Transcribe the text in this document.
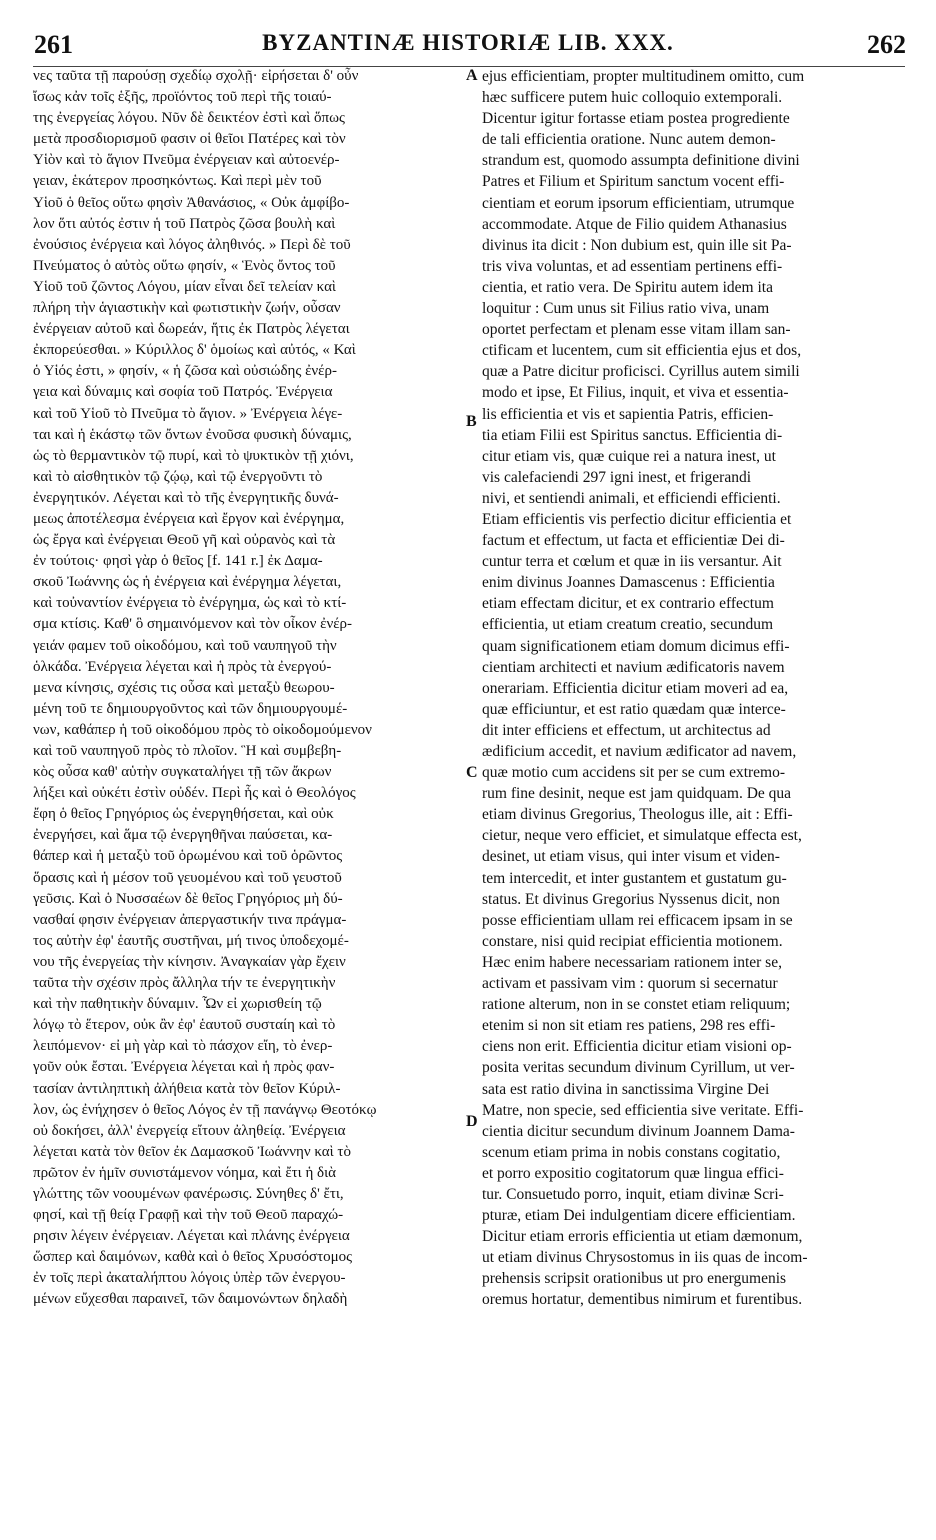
261	BYZANTINÆ HISTORIÆ LIB. XXX.	262
νες ταῦτα τῇ παρούσῃ σχεδίῳ σχολῇ· εἰρήσεται δ' οὖν
ἴσως κἀν τοῖς ἑξῆς, προϊόντος τοῦ περὶ τῆς τοιαύ-
της ἐνεργείας λόγου. Νῦν δὲ δεικτέον ἐστὶ καὶ ὅπως
μετὰ προσδιορισμοῦ φασιν οἱ θεῖοι Πατέρες καὶ τὸν
Υἱὸν καὶ τὸ ἅγιον Πνεῦμα ἐνέργειαν καὶ αὐτοενέρ-
γειαν, ἑκάτερον προσηκόντως. Καὶ περὶ μὲν τοῦ
Υἱοῦ ὁ θεῖος οὕτω φησὶν Ἀθανάσιος, « Οὐκ ἀμφίβο-
λον ὅτι αὐτός ἐστιν ἡ τοῦ Πατρὸς ζῶσα βουλὴ καὶ
ἐνούσιος ἐνέργεια καὶ λόγος ἀληθινός. » Περὶ δὲ τοῦ
Πνεύματος ὁ αὐτὸς οὕτω φησίν, « Ἑνὸς ὄντος τοῦ
Υἱοῦ τοῦ ζῶντος Λόγου, μίαν εἶναι δεῖ τελείαν καὶ
πλήρη τὴν ἁγιαστικὴν καὶ φωτιστικὴν ζωήν, οὖσαν
ἐνέργειαν αὐτοῦ καὶ δωρεάν, ἥτις ἐκ Πατρὸς λέγεται
ἐκπορεύεσθαι. » Κύριλλος δ' ὁμοίως καὶ αὐτός, « Καὶ
ὁ Υἱός ἐστι, » φησίν, « ἡ ζῶσα καὶ οὐσιώδης ἐνέρ-
γεια καὶ δύναμις καὶ σοφία τοῦ Πατρός. Ἐνέργεια
καὶ τοῦ Υἱοῦ τὸ Πνεῦμα τὸ ἅγιον. » Ἐνέργεια λέγε-
ται καὶ ἡ ἑκάστῳ τῶν ὄντων ἐνοῦσα φυσικὴ δύναμις,
ὡς τὸ θερμαντικὸν τῷ πυρί, καὶ τὸ ψυκτικὸν τῇ χιόνι,
καὶ τὸ αἰσθητικὸν τῷ ζῴῳ, καὶ τῷ ἐνεργοῦντι τὸ
ἐνεργητικόν. Λέγεται καὶ τὸ τῆς ἐνεργητικῆς δυνά-
μεως ἀποτέλεσμα ἐνέργεια καὶ ἔργον καὶ ἐνέργημα,
ὡς ἔργα καὶ ἐνέργειαι Θεοῦ γῆ καὶ οὐρανὸς καὶ τὰ
ἐν τούτοις· φησὶ γὰρ ὁ θεῖος [f. 141 r.] ἐκ Δαμα-
σκοῦ Ἰωάννης ὡς ἡ ἐνέργεια καὶ ἐνέργημα λέγεται,
καὶ τοὐναντίον ἐνέργεια τὸ ἐνέργημα, ὡς καὶ τὸ κτί-
σμα κτίσις. Καθ' ὃ σημαινόμενον καὶ τὸν οἶκον ἐνέρ-
γειάν φαμεν τοῦ οἰκοδόμου, καὶ τοῦ ναυπηγοῦ τὴν
ὁλκάδα. Ἐνέργεια λέγεται καὶ ἡ πρὸς τὰ ἐνεργού-
μενα κίνησις, σχέσις τις οὖσα καὶ μεταξὺ θεωρου-
μένη τοῦ τε δημιουργοῦντος καὶ τῶν δημιουργουμέ-
νων, καθάπερ ἡ τοῦ οἰκοδόμου πρὸς τὸ οἰκοδομούμενον
καὶ τοῦ ναυπηγοῦ πρὸς τὸ πλοῖον. Ἣ καὶ συμβεβη-
κὸς οὖσα καθ' αὑτὴν συγκαταλήγει τῇ τῶν ἄκρων
λήξει καὶ οὐκέτι ἐστὶν οὐδέν. Περὶ ἧς καὶ ὁ Θεολόγος
ἔφη ὁ θεῖος Γρηγόριος ὡς ἐνεργηθήσεται, καὶ οὐκ
ἐνεργήσει, καὶ ἅμα τῷ ἐνεργηθῆναι παύσεται, κα-
θάπερ καὶ ἡ μεταξὺ τοῦ ὁρωμένου καὶ τοῦ ὁρῶντος
ὅρασις καὶ ἡ μέσον τοῦ γευομένου καὶ τοῦ γευστοῦ
γεῦσις. Καὶ ὁ Νυσσαέων δὲ θεῖος Γρηγόριος μὴ δύ-
νασθαί φησιν ἐνέργειαν ἀπεργαστικήν τινα πράγμα-
τος αὐτὴν ἐφ' ἑαυτῆς συστῆναι, μή τινος ὑποδεχομέ-
νου τῆς ἐνεργείας τὴν κίνησιν. Ἀναγκαίαν γὰρ ἔχειν
ταῦτα τὴν σχέσιν πρὸς ἄλληλα τήν τε ἐνεργητικὴν
καὶ τὴν παθητικὴν δύναμιν. Ὧν εἰ χωρισθείη τῷ
λόγῳ τὸ ἕτερον, οὐκ ἂν ἐφ' ἑαυτοῦ συσταίη καὶ τὸ
λειπόμενον· εἰ μὴ γὰρ καὶ τὸ πάσχον εἴη, τὸ ἐνερ-
γοῦν οὐκ ἔσται. Ἐνέργεια λέγεται καὶ ἡ πρὸς φαν-
τασίαν ἀντιληπτικὴ ἀλήθεια κατὰ τὸν θεῖον Κύριλ-
λον, ὡς ἐνήχησεν ὁ θεῖος Λόγος ἐν τῇ πανάγνῳ Θεοτόκῳ
οὐ δοκήσει, ἀλλ' ἐνεργείᾳ εἴτουν ἀληθείᾳ. Ἐνέργεια
λέγεται κατὰ τὸν θεῖον ἐκ Δαμασκοῦ Ἰωάννην καὶ τὸ
πρῶτον ἐν ἡμῖν συνιστάμενον νόημα, καὶ ἔτι ἡ διὰ
γλώττης τῶν νοουμένων φανέρωσις. Σύνηθες δ' ἔτι,
φησί, καὶ τῇ θείᾳ Γραφῇ καὶ τὴν τοῦ Θεοῦ παραχώ-
ρησιν λέγειν ἐνέργειαν. Λέγεται καὶ πλάνης ἐνέργεια
ὥσπερ καὶ δαιμόνων, καθὰ καὶ ὁ θεῖος Χρυσόστομος
ἐν τοῖς περὶ ἀκαταλήπτου λόγοις ὑπὲρ τῶν ἐνεργου-
μένων εὔχεσθαι παραινεῖ, τῶν δαιμονώντων δηλαδὴ
A
B
C
D
ejus efficientiam, propter multitudinem omitto, cum
hæc sufficere putem huic colloquio extemporali.
Dicentur igitur fortasse etiam postea progrediente
de tali efficientia oratione. Nunc autem demon-
strandum est, quomodo assumpta definitione divini
Patres et Filium et Spiritum sanctum vocent effi-
cientiam et eorum ipsorum efficientiam, utrumque
accommodate. Atque de Filio quidem Athanasius
divinus ita dicit : Non dubium est, quin ille sit Pa-
tris viva voluntas, et ad essentiam pertinens effi-
cientia, et ratio vera. De Spiritu autem idem ita
loquitur : Cum unus sit Filius ratio viva, unam
oportet perfectam et plenam esse vitam illam san-
ctificam et lucentem, cum sit efficientia ejus et dos,
quæ a Patre dicitur proficisci. Cyrillus autem simili
modo et ipse, Et Filius, inquit, et viva et essentia-
lis efficientia et vis et sapientia Patris, efficien-
tia etiam Filii est Spiritus sanctus. Efficientia di-
citur etiam vis, quæ cuique rei a natura inest, ut
vis calefaciendi 297 igni inest, et frigerandi
nivi, et sentiendi animali, et efficiendi efficienti.
Etiam efficientis vis perfectio dicitur efficientia et
factum et effectum, ut facta et efficientiæ Dei di-
cuntur terra et cœlum et quæ in iis versantur. Ait
enim divinus Joannes Damascenus : Efficientia
etiam effectam dicitur, et ex contrario effectum
efficientia, ut etiam creatum creatio, secundum
quam significationem etiam domum dicimus effi-
cientiam architecti et navium ædificatoris navem
onerariam. Efficientia dicitur etiam moveri ad ea,
quæ efficiuntur, et est ratio quædam quæ interce-
dit inter efficiens et effectum, ut architectus ad
ædificium accedit, et navium ædificator ad navem,
quæ motio cum accidens sit per se cum extremo-
rum fine desinit, neque est jam quidquam. De qua
etiam divinus Gregorius, Theologus ille, ait : Effi-
cietur, neque vero efficiet, et simulatque effecta est,
desinet, ut etiam visus, qui inter visum et viden-
tem intercedit, et inter gustantem et gustatum gu-
status. Et divinus Gregorius Nyssenus dicit, non
posse efficientiam ullam rei efficacem ipsam in se
constare, nisi quid recipiat efficientia motionem.
Hæc enim habere necessariam rationem inter se,
activam et passivam vim : quorum si secernatur
ratione alterum, non in se constet etiam reliquum;
etenim si non sit etiam res patiens, 298 res effi-
ciens non erit. Efficientia dicitur etiam visioni op-
posita veritas secundum divinum Cyrillum, ut ver-
sata est ratio divina in sanctissima Virgine Dei
Matre, non specie, sed efficientia sive veritate. Effi-
cientia dicitur secundum divinum Joannem Dama-
scenum etiam prima in nobis constans cogitatio,
et porro expositio cogitatorum quæ lingua effici-
tur. Consuetudo porro, inquit, etiam divinæ Scri-
pturæ, etiam Dei indulgentiam dicere efficientiam.
Dicitur etiam erroris efficientia ut etiam dæmonum,
ut etiam divinus Chrysostomus in iis quas de incom-
prehensis scripsit orationibus ut pro energumenis
oremus hortatur, dementibus nimirum et furentibus.
